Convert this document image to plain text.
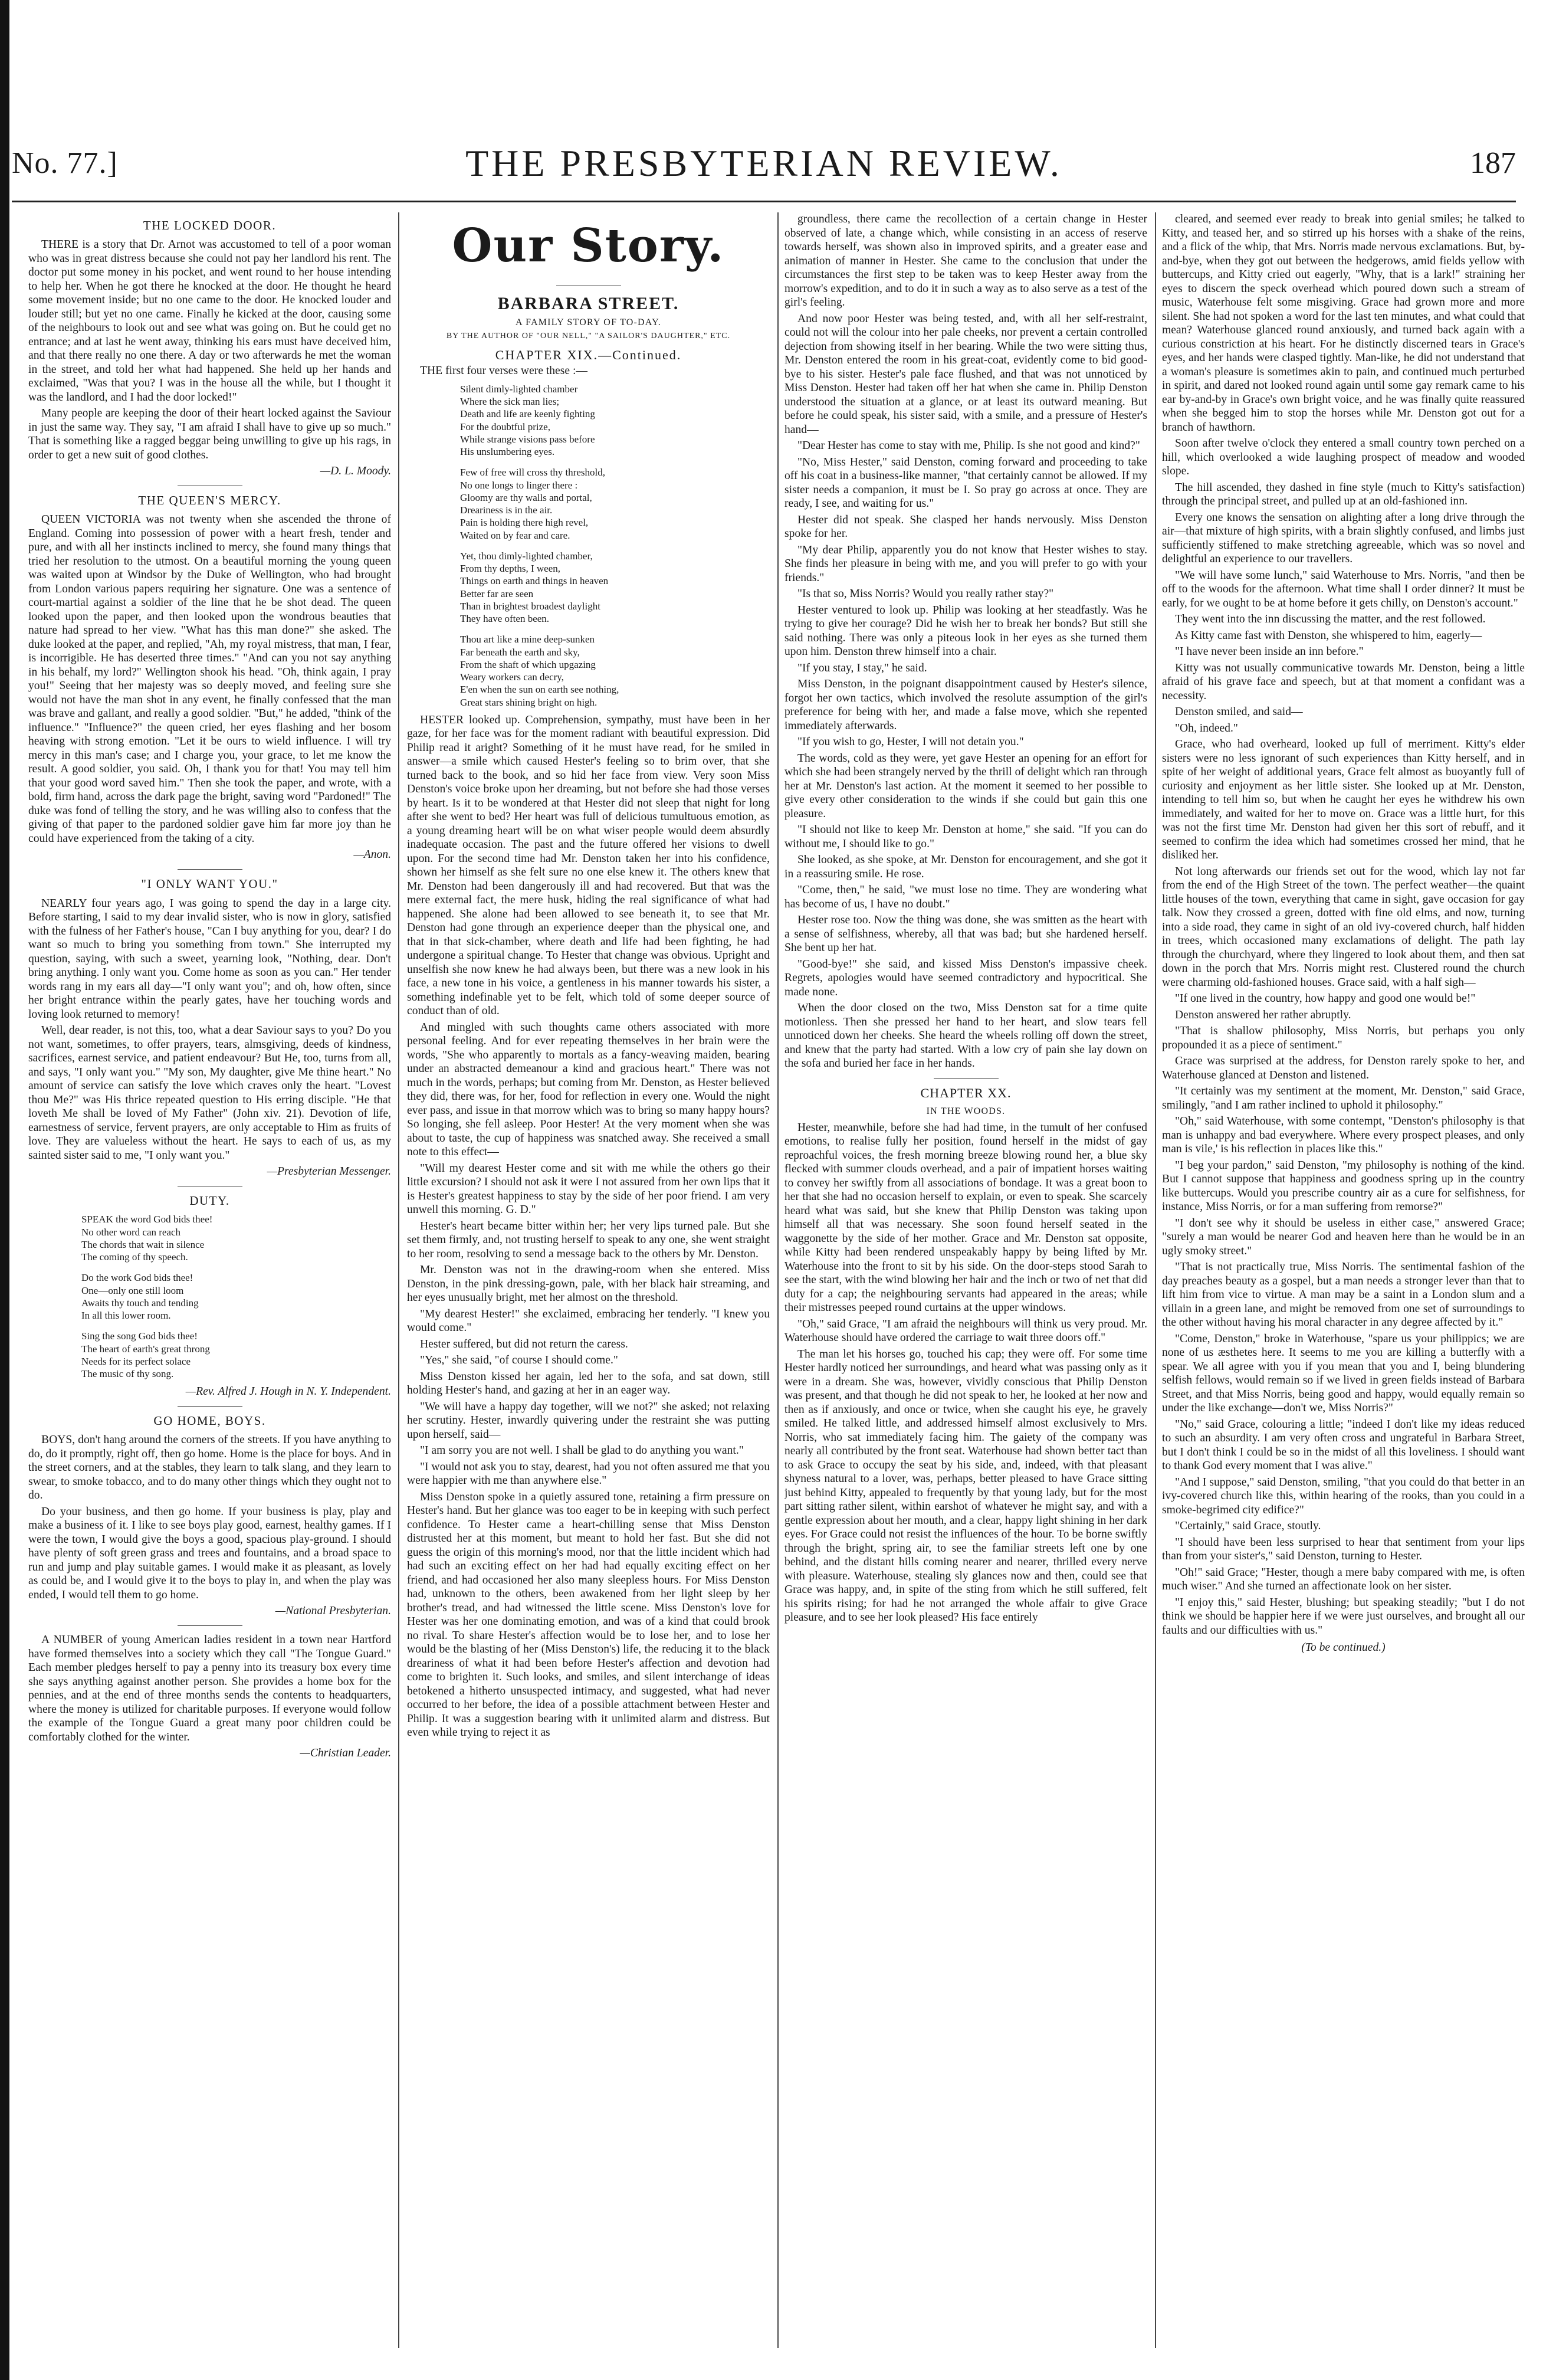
No. 77.]	THE PRESBYTERIAN REVIEW.	187
THE LOCKED DOOR.

THERE is a story that Dr. Arnot was accustomed to tell of a poor woman who was in great distress because she could not pay her landlord his rent. The doctor put some money in his pocket, and went round to her house intending to help her. When he got there he knocked at the door. He thought he heard some movement inside; but no one came to the door. He knocked louder and louder still; but yet no one came. Finally he kicked at the door, causing some of the neighbours to look out and see what was going on. But he could get no entrance; and at last he went away, thinking his ears must have deceived him, and that there really no one there. A day or two afterwards he met the woman in the street, and told her what had happened. She held up her hands and exclaimed, "Was that you? I was in the house all the while, but I thought it was the landlord, and I had the door locked!"

Many people are keeping the door of their heart locked against the Saviour in just the same way. They say, "I am afraid I shall have to give up so much." That is something like a ragged beggar being unwilling to give up his rags, in order to get a new suit of good clothes.

—D. L. Moody.
THE QUEEN'S MERCY.

QUEEN VICTORIA was not twenty when she ascended the throne of England. Coming into possession of power with a heart fresh, tender and pure, and with all her instincts inclined to mercy, she found many things that tried her resolution to the utmost. On a beautiful morning the young queen was waited upon at Windsor by the Duke of Wellington, who had brought from London various papers requiring her signature. One was a sentence of court-martial against a soldier of the line that he be shot dead. The queen looked upon the paper, and then looked upon the wondrous beauties that nature had spread to her view. "What has this man done?" she asked. The duke looked at the paper, and replied, "Ah, my royal mistress, that man, I fear, is incorrigible. He has deserted three times." "And can you not say anything in his behalf, my lord?" Wellington shook his head. "Oh, think again, I pray you!" Seeing that her majesty was so deeply moved, and feeling sure she would not have the man shot in any event, he finally confessed that the man was brave and gallant, and really a good soldier. "But," he added, "think of the influence." "Influence?" the queen cried, her eyes flashing and her bosom heaving with strong emotion. "Let it be ours to wield influence. I will try mercy in this man's case; and I charge you, your grace, to let me know the result. A good soldier, you said. Oh, I thank you for that! You may tell him that your good word saved him." Then she took the paper, and wrote, with a bold, firm hand, across the dark page the bright, saving word "Pardoned!" The duke was fond of telling the story, and he was willing also to confess that the giving of that paper to the pardoned soldier gave him far more joy than he could have experienced from the taking of a city.

—Anon.
"I ONLY WANT YOU."

NEARLY four years ago, I was going to spend the day in a large city. Before starting, I said to my dear invalid sister, who is now in glory, satisfied with the fulness of her Father's house, "Can I buy anything for you, dear? I do want so much to bring you something from town." She interrupted my question, saying, with such a sweet, yearning look, "Nothing, dear. Don't bring anything. I only want you. Come home as soon as you can." Her tender words rang in my ears all day—"I only want you"; and oh, how often, since her bright entrance within the pearly gates, have her touching words and loving look returned to memory!

Well, dear reader, is not this, too, what a dear Saviour says to you? Do you not want, sometimes, to offer prayers, tears, almsgiving, deeds of kindness, sacrifices, earnest service, and patient endeavour? But He, too, turns from all, and says, "I only want you." "My son, My daughter, give Me thine heart." No amount of service can satisfy the love which craves only the heart. "Lovest thou Me?" was His thrice repeated question to His erring disciple. "He that loveth Me shall be loved of My Father" (John xiv. 21). Devotion of life, earnestness of service, fervent prayers, are only acceptable to Him as fruits of love. They are valueless without the heart. He says to each of us, as my sainted sister said to me, "I only want you."

—Presbyterian Messenger.
DUTY.
SPEAK the word God bids thee!
No other word can reach
The chords that wait in silence
The coming of thy speech.
Do the work God bids thee!
One—only one still loom
Awaits thy touch and tending
In all this lower room.
Sing the song God bids thee!
The heart of earth's great throng
Needs for its perfect solace
The music of thy song.
—Rev. Alfred J. Hough in N. Y. Independent.
GO HOME, BOYS.

BOYS, don't hang around the corners of the streets. If you have anything to do, do it promptly, right off, then go home. Home is the place for boys. And in the street corners, and at the stables, they learn to talk slang, and they learn to swear, to smoke tobacco, and to do many other things which they ought not to do.

Do your business, and then go home. If your business is play, play and make a business of it. I like to see boys play good, earnest, healthy games. If I were the town, I would give the boys a good, spacious play-ground. I should have plenty of soft green grass and trees and fountains, and a broad space to run and jump and play suitable games. I would make it as pleasant, as lovely as could be, and I would give it to the boys to play in, and when the play was ended, I would tell them to go home.

—National Presbyterian.

A NUMBER of young American ladies resident in a town near Hartford have formed themselves into a society which they call "The Tongue Guard." Each member pledges herself to pay a penny into its treasury box every time she says anything against another person. She provides a home box for the pennies, and at the end of three months sends the contents to headquarters, where the money is utilized for charitable purposes. If everyone would follow the example of the Tongue Guard a great many poor children could be comfortably clothed for the winter.

—Christian Leader.
Our Story.
BARBARA STREET.
A FAMILY STORY OF TO-DAY.
BY THE AUTHOR OF "OUR NELL," "A SAILOR'S DAUGHTER," ETC.
CHAPTER XIX.—Continued.

THE first four verses were these :—

Silent dimly-lighted chamber
Where the sick man lies;
Death and life are keenly fighting
For the doubtful prize,
While strange visions pass before
His unslumbering eyes.
Few of free will cross thy threshold,
No one longs to linger there :
Gloomy are thy walls and portal,
Dreariness is in the air.
Pain is holding there high revel,
Waited on by fear and care.
Yet, thou dimly-lighted chamber,
From thy depths, I ween,
Things on earth and things in heaven
Better far are seen
Than in brightest broadest daylight
They have often been.
Thou art like a mine deep-sunken
Far beneath the earth and sky,
From the shaft of which upgazing
Weary workers can decry,
E'en when the sun on earth see nothing,
Great stars shining bright on high.

HESTER looked up. Comprehension, sympathy, must have been in her gaze, for her face was for the moment radiant with beautiful expression. Did Philip read it aright? Something of it he must have read, for he smiled in answer—a smile which caused Hester's feeling so to brim over, that she turned back to the book, and so hid her face from view. Very soon Miss Denston's voice broke upon her dreaming, but not before she had those verses by heart. Is it to be wondered at that Hester did not sleep that night for long after she went to bed? Her heart was full of delicious tumultuous emotion, as a young dreaming heart will be on what wiser people would deem absurdly inadequate occasion. The past and the future offered her visions to dwell upon. For the second time had Mr. Denston taken her into his confidence, shown her himself as she felt sure no one else knew it. The others knew that Mr. Denston had been dangerously ill and had recovered. But that was the mere external fact, the mere husk, hiding the real significance of what had happened. She alone had been allowed to see beneath it, to see that Mr. Denston had gone through an experience deeper than the physical one, and that in that sick-chamber, where death and life had been fighting, he had undergone a spiritual change. To Hester that change was obvious. Upright and unselfish she now knew he had always been, but there was a new look in his face, a new tone in his voice, a gentleness in his manner towards his sister, a something indefinable yet to be felt, which told of some deeper source of conduct than of old.

And mingled with such thoughts came others associated with more personal feeling. And for ever repeating themselves in her brain were the words, "She who apparently to mortals as a fancy-weaving maiden, bearing under an abstracted demeanour a kind and gracious heart." There was not much in the words, perhaps; but coming from Mr. Denston, as Hester believed they did, there was, for her, food for reflection in every one. Would the night ever pass, and issue in that morrow which was to bring so many happy hours? So longing, she fell asleep. Poor Hester! At the very moment when she was about to taste, the cup of happiness was snatched away. She received a small note to this effect—

"Will my dearest Hester come and sit with me while the others go their little excursion? I should not ask it were I not assured from her own lips that it is Hester's greatest happiness to stay by the side of her poor friend. I am very unwell this morning. G. D."

Hester's heart became bitter within her; her very lips turned pale. But she set them firmly, and, not trusting herself to speak to any one, she went straight to her room, resolving to send a message back to the others by Mr. Denston.

Mr. Denston was not in the drawing-room when she entered. Miss Denston, in the pink dressing-gown, pale, with her black hair streaming, and her eyes unusually bright, met her almost on the threshold.

"My dearest Hester!" she exclaimed, embracing her tenderly. "I knew you would come."

Hester suffered, but did not return the caress.

"Yes," she said, "of course I should come."

Miss Denston kissed her again, led her to the sofa, and sat down, still holding Hester's hand, and gazing at her in an eager way.

"We will have a happy day together, will we not?" she asked; not relaxing her scrutiny. Hester, inwardly quivering under the restraint she was putting upon herself, said—

"I am sorry you are not well. I shall be glad to do anything you want."

"I would not ask you to stay, dearest, had you not often assured me that you were happier with me than anywhere else."

Miss Denston spoke in a quietly assured tone, retaining a firm pressure on Hester's hand. But her glance was too eager to be in keeping with such perfect confidence. To Hester came a heart-chilling sense that Miss Denston distrusted her at this moment, but meant to hold her fast. But she did not guess the origin of this morning's mood, nor that the little incident which had had such an exciting effect on her had had equally exciting effect on her friend, and had occasioned her also many sleepless hours. For Miss Denston had, unknown to the others, been awakened from her light sleep by her brother's tread, and had witnessed the little scene. Miss Denston's love for Hester was her one dominating emotion, and was of a kind that could brook no rival. To share Hester's affection would be to lose her, and to lose her would be the blasting of her (Miss Denston's) life, the reducing it to the black dreariness of what it had been before Hester's affection and devotion had come to brighten it. Such looks, and smiles, and silent interchange of ideas betokened a hitherto unsuspected intimacy, and suggested, what had never occurred to her before, the idea of a possible attachment between Hester and Philip. It was a suggestion bearing with it unlimited alarm and distress. But even while trying to reject it as

groundless, there came the recollection of a certain change in Hester observed of late, a change which, while consisting in an access of reserve towards herself, was shown also in improved spirits, and a greater ease and animation of manner in Hester. She came to the conclusion that under the circumstances the first step to be taken was to keep Hester away from the morrow's expedition, and to do it in such a way as to also serve as a test of the girl's feeling.

And now poor Hester was being tested, and, with all her self-restraint, could not will the colour into her pale cheeks, nor prevent a certain controlled dejection from showing itself in her bearing. While the two were sitting thus, Mr. Denston entered the room in his great-coat, evidently come to bid good-bye to his sister. Hester's pale face flushed, and that was not unnoticed by Miss Denston. Hester had taken off her hat when she came in. Philip Denston understood the situation at a glance, or at least its outward meaning. But before he could speak, his sister said, with a smile, and a pressure of Hester's hand—

"Dear Hester has come to stay with me, Philip. Is she not good and kind?"

"No, Miss Hester," said Denston, coming forward and proceeding to take off his coat in a business-like manner, "that certainly cannot be allowed. If my sister needs a companion, it must be I. So pray go across at once. They are ready, I see, and waiting for us."

Hester did not speak. She clasped her hands nervously. Miss Denston spoke for her.

"My dear Philip, apparently you do not know that Hester wishes to stay. She finds her pleasure in being with me, and you will prefer to go with your friends."

"Is that so, Miss Norris? Would you really rather stay?"

Hester ventured to look up. Philip was looking at her steadfastly. Was he trying to give her courage? Did he wish her to break her bonds? But still she said nothing. There was only a piteous look in her eyes as she turned them upon him. Denston threw himself into a chair.

"If you stay, I stay," he said.

Miss Denston, in the poignant disappointment caused by Hester's silence, forgot her own tactics, which involved the resolute assumption of the girl's preference for being with her, and made a false move, which she repented immediately afterwards.

"If you wish to go, Hester, I will not detain you."

The words, cold as they were, yet gave Hester an opening for an effort for which she had been strangely nerved by the thrill of delight which ran through her at Mr. Denston's last action. At the moment it seemed to her possible to give every other consideration to the winds if she could but gain this one pleasure.

"I should not like to keep Mr. Denston at home," she said. "If you can do without me, I should like to go."

She looked, as she spoke, at Mr. Denston for encouragement, and she got it in a reassuring smile. He rose.

"Come, then," he said, "we must lose no time. They are wondering what has become of us, I have no doubt."

Hester rose too. Now the thing was done, she was smitten as the heart with a sense of selfishness, whereby, all that was bad; but she hardened herself. She bent up her hat.

"Good-bye!" she said, and kissed Miss Denston's impassive cheek. Regrets, apologies would have seemed contradictory and hypocritical. She made none.

When the door closed on the two, Miss Denston sat for a time quite motionless. Then she pressed her hand to her heart, and slow tears fell unnoticed down her cheeks. She heard the wheels rolling off down the street, and knew that the party had started. With a low cry of pain she lay down on the sofa and buried her face in her hands.

CHAPTER XX.
IN THE WOODS.

Hester, meanwhile, before she had had time, in the tumult of her confused emotions, to realise fully her position, found herself in the midst of gay reproachful voices, the fresh morning breeze blowing round her, a blue sky flecked with summer clouds overhead, and a pair of impatient horses waiting to convey her swiftly from all associations of bondage. It was a great boon to her that she had no occasion herself to explain, or even to speak. She scarcely heard what was said, but she knew that Philip Denston was taking upon himself all that was necessary. She soon found herself seated in the waggonette by the side of her mother. Grace and Mr. Denston sat opposite, while Kitty had been rendered unspeakably happy by being lifted by Mr. Waterhouse into the front to sit by his side. On the door-steps stood Sarah to see the start, with the wind blowing her hair and the inch or two of net that did duty for a cap; the neighbouring servants had appeared in the areas; while their mistresses peeped round curtains at the upper windows.

"Oh," said Grace, "I am afraid the neighbours will think us very proud. Mr. Waterhouse should have ordered the carriage to wait three doors off."

The man let his horses go, touched his cap; they were off. For some time Hester hardly noticed her surroundings, and heard what was passing only as it were in a dream. She was, however, vividly conscious that Philip Denston was present, and that though he did not speak to her, he looked at her now and then as if anxiously, and once or twice, when she caught his eye, he gravely smiled. He talked little, and addressed himself almost exclusively to Mrs. Norris, who sat immediately facing him. The gaiety of the company was nearly all contributed by the front seat. Waterhouse had shown better tact than to ask Grace to occupy the seat by his side, and, indeed, with that pleasant shyness natural to a lover, was, perhaps, better pleased to have Grace sitting just behind Kitty, appealed to frequently by that young lady, but for the most part sitting rather silent, within earshot of whatever he might say, and with a gentle expression about her mouth, and a clear, happy light shining in her dark eyes. For Grace could not resist the influences of the hour. To be borne swiftly through the bright, spring air, to see the familiar streets left one by one behind, and the distant hills coming nearer and nearer, thrilled every nerve with pleasure. Waterhouse, stealing sly glances now and then, could see that Grace was happy, and, in spite of the sting from which he still suffered, felt his spirits rising; for had he not arranged the whole affair to give Grace pleasure, and to see her look pleased? His face entirely

cleared, and seemed ever ready to break into genial smiles; he talked to Kitty, and teased her, and so stirred up his horses with a shake of the reins, and a flick of the whip, that Mrs. Norris made nervous exclamations. But, by-and-bye, when they got out between the hedgerows, amid fields yellow with buttercups, and Kitty cried out eagerly, "Why, that is a lark!" straining her eyes to discern the speck overhead which poured down such a stream of music, Waterhouse felt some misgiving. Grace had grown more and more silent. She had not spoken a word for the last ten minutes, and what could that mean? Waterhouse glanced round anxiously, and turned back again with a curious constriction at his heart. For he distinctly discerned tears in Grace's eyes, and her hands were clasped tightly. Man-like, he did not understand that a woman's pleasure is sometimes akin to pain, and continued much perturbed in spirit, and dared not looked round again until some gay remark came to his ear by-and-by in Grace's own bright voice, and he was finally quite reassured when she begged him to stop the horses while Mr. Denston got out for a branch of hawthorn.

Soon after twelve o'clock they entered a small country town perched on a hill, which overlooked a wide laughing prospect of meadow and wooded slope.

The hill ascended, they dashed in fine style (much to Kitty's satisfaction) through the principal street, and pulled up at an old-fashioned inn.

Every one knows the sensation on alighting after a long drive through the air—that mixture of high spirits, with a brain slightly confused, and limbs just sufficiently stiffened to make stretching agreeable, which was so novel and delightful an experience to our travellers.

"We will have some lunch," said Waterhouse to Mrs. Norris, "and then be off to the woods for the afternoon. What time shall I order dinner? It must be early, for we ought to be at home before it gets chilly, on Denston's account."

They went into the inn discussing the matter, and the rest followed.

As Kitty came fast with Denston, she whispered to him, eagerly—

"I have never been inside an inn before."

Kitty was not usually communicative towards Mr. Denston, being a little afraid of his grave face and speech, but at that moment a confidant was a necessity.

Denston smiled, and said—

"Oh, indeed."

Grace, who had overheard, looked up full of merriment. Kitty's elder sisters were no less ignorant of such experiences than Kitty herself, and in spite of her weight of additional years, Grace felt almost as buoyantly full of curiosity and enjoyment as her little sister. She looked up at Mr. Denston, intending to tell him so, but when he caught her eyes he withdrew his own immediately, and waited for her to move on. Grace was a little hurt, for this was not the first time Mr. Denston had given her this sort of rebuff, and it seemed to confirm the idea which had sometimes crossed her mind, that he disliked her.

Not long afterwards our friends set out for the wood, which lay not far from the end of the High Street of the town. The perfect weather—the quaint little houses of the town, everything that came in sight, gave occasion for gay talk. Now they crossed a green, dotted with fine old elms, and now, turning into a side road, they came in sight of an old ivy-covered church, half hidden in trees, which occasioned many exclamations of delight. The path lay through the churchyard, where they lingered to look about them, and then sat down in the porch that Mrs. Norris might rest. Clustered round the church were charming old-fashioned houses. Grace said, with a half sigh—

"If one lived in the country, how happy and good one would be!"

Denston answered her rather abruptly.

"That is shallow philosophy, Miss Norris, but perhaps you only propounded it as a piece of sentiment."

Grace was surprised at the address, for Denston rarely spoke to her, and Waterhouse glanced at Denston and listened.

"It certainly was my sentiment at the moment, Mr. Denston," said Grace, smilingly, "and I am rather inclined to uphold it philosophy."

"Oh," said Waterhouse, with some contempt, "Denston's philosophy is that man is unhappy and bad everywhere. Where every prospect pleases, and only man is vile,' is his reflection in places like this."

"I beg your pardon," said Denston, "my philosophy is nothing of the kind. But I cannot suppose that happiness and goodness spring up in the country like buttercups. Would you prescribe country air as a cure for selfishness, for instance, Miss Norris, or for a man suffering from remorse?"

"I don't see why it should be useless in either case," answered Grace; "surely a man would be nearer God and heaven here than he would be in an ugly smoky street."

"That is not practically true, Miss Norris. The sentimental fashion of the day preaches beauty as a gospel, but a man needs a stronger lever than that to lift him from vice to virtue. A man may be a saint in a London slum and a villain in a green lane, and might be removed from one set of surroundings to the other without having his moral character in any degree affected by it."

"Come, Denston," broke in Waterhouse, "spare us your philippics; we are none of us æsthetes here. It seems to me you are killing a butterfly with a spear. We all agree with you if you mean that you and I, being blundering selfish fellows, would remain so if we lived in green fields instead of Barbara Street, and that Miss Norris, being good and happy, would equally remain so under the like exchange—don't we, Miss Norris?"

"No," said Grace, colouring a little; "indeed I don't like my ideas reduced to such an absurdity. I am very often cross and ungrateful in Barbara Street, but I don't think I could be so in the midst of all this loveliness. I should want to thank God every moment that I was alive."

"And I suppose," said Denston, smiling, "that you could do that better in an ivy-covered church like this, within hearing of the rooks, than you could in a smoke-begrimed city edifice?"

"Certainly," said Grace, stoutly.

"I should have been less surprised to hear that sentiment from your lips than from your sister's," said Denston, turning to Hester.

"Oh!" said Grace; "Hester, though a mere baby compared with me, is often much wiser." And she turned an affectionate look on her sister.

"I enjoy this," said Hester, blushing; but speaking steadily; "but I do not think we should be happier here if we were just ourselves, and brought all our faults and our difficulties with us."

(To be continued.)
